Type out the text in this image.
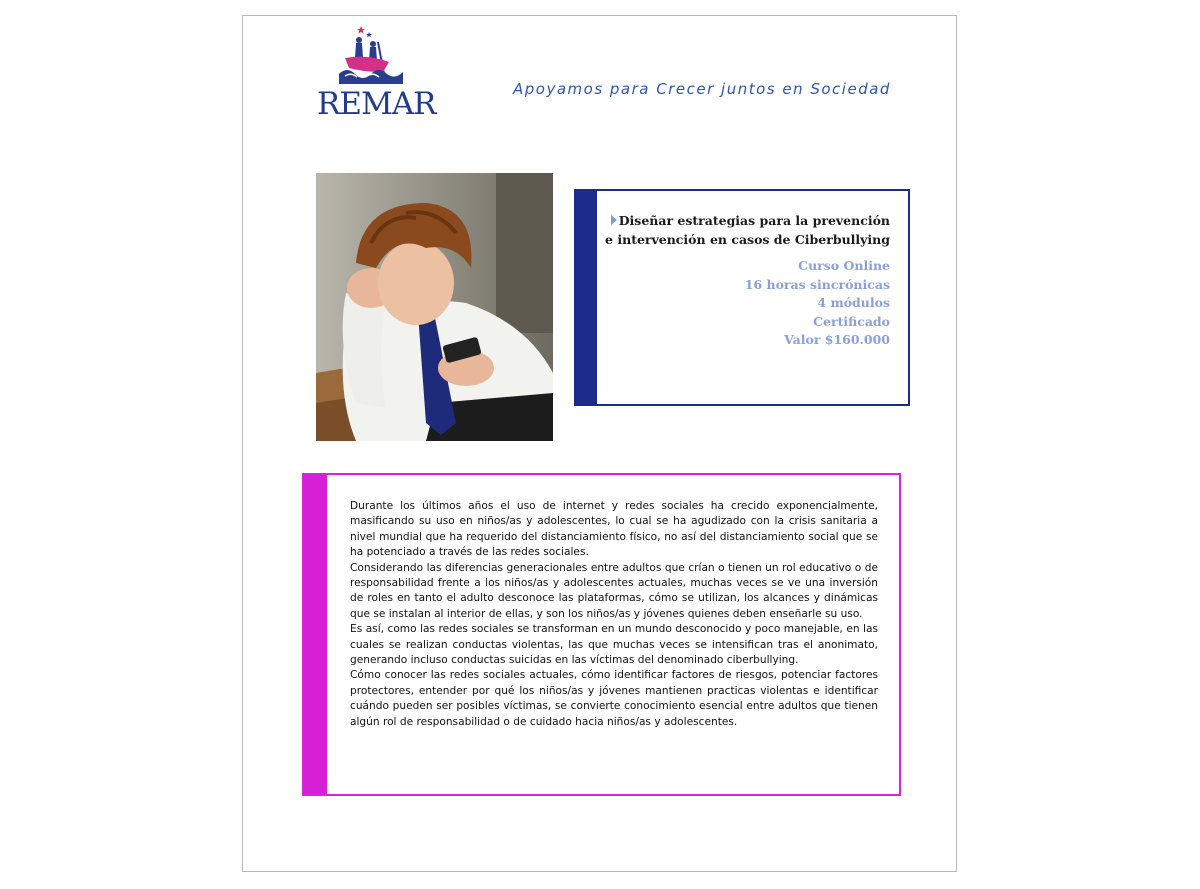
REMAR	Apoyamos para Crecer juntos en Sociedad
Diseñar estrategias para la prevención e intervención en casos de Ciberbullying
Curso Online
16 horas sincrónicas
4 módulos
Certificado
Valor $160.000

Durante los últimos años el uso de internet y redes sociales ha crecido exponencialmente, masificando su uso en niños/as y adolescentes, lo cual se ha agudizado con la crisis sanitaria a nivel mundial que ha requerido del distanciamiento físico, no así del distanciamiento social que se ha potenciado a través de las redes sociales.

Considerando las diferencias generacionales entre adultos que crían o tienen un rol educativo o de responsabilidad frente a los niños/as y adolescentes actuales, muchas veces se ve una inversión de roles en tanto el adulto desconoce las plataformas, cómo se utilizan, los alcances y dinámicas que se instalan al interior de ellas, y son los niños/as y jóvenes quienes deben enseñarle su uso.

Es así, como las redes sociales se transforman en un mundo desconocido y poco manejable, en las cuales se realizan conductas violentas, las que muchas veces se intensifican tras el anonimato, generando incluso conductas suicidas en las víctimas del denominado ciberbullying.

Cómo conocer las redes sociales actuales, cómo identificar factores de riesgos, potenciar factores protectores, entender por qué los niños/as y jóvenes mantienen practicas violentas e identificar cuándo pueden ser posibles víctimas, se convierte conocimiento esencial entre adultos que tienen algún rol de responsabilidad o de cuidado hacia niños/as y adolescentes.
